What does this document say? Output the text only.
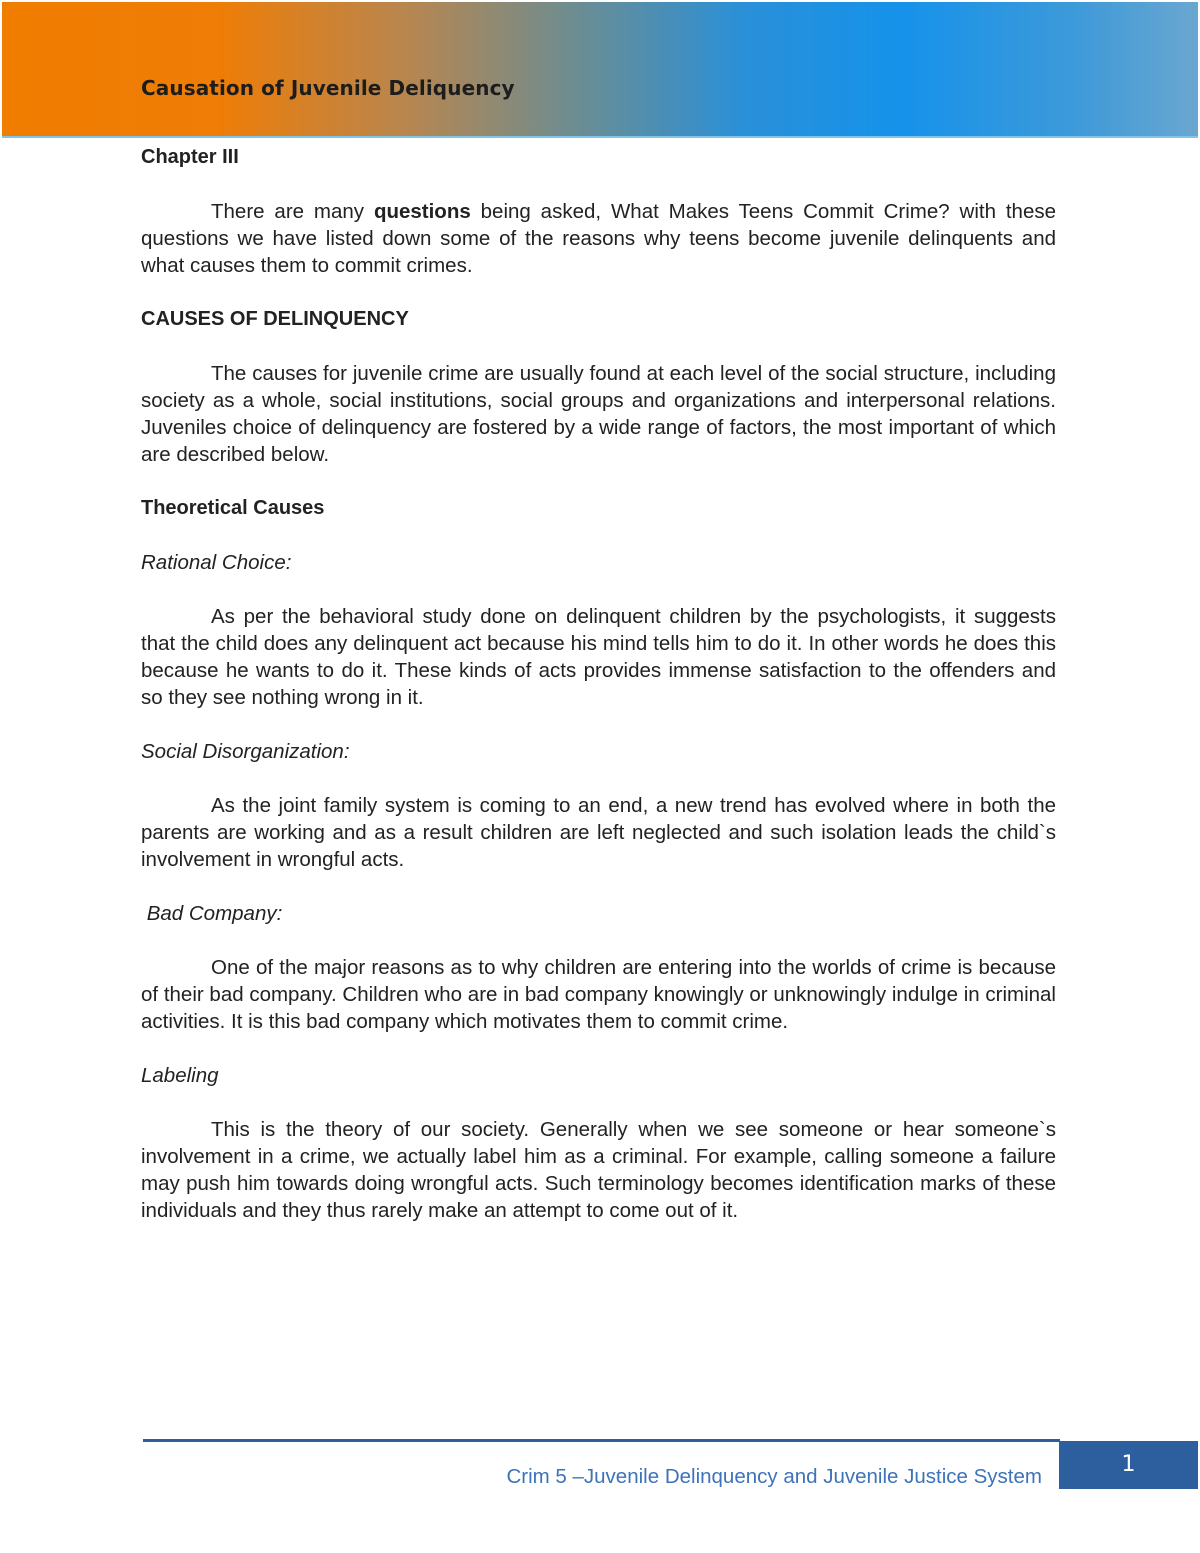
Causation of Juvenile Deliquency

Chapter III

There are many questions being asked, What Makes Teens Commit Crime? with these questions we have listed down some of the reasons why teens become juvenile delinquents and what causes them to commit crimes.

CAUSES OF DELINQUENCY

The causes for juvenile crime are usually found at each level of the social structure, including society as a whole, social institutions, social groups and organizations and interpersonal relations. Juveniles choice of delinquency are fostered by a wide range of factors, the most important of which are described below.

Theoretical Causes

Rational Choice:

As per the behavioral study done on delinquent children by the psychologists, it suggests that the child does any delinquent act because his mind tells him to do it. In other words he does this because he wants to do it. These kinds of acts provides immense satisfaction to the offenders and so they see nothing wrong in it.

Social Disorganization:

As the joint family system is coming to an end, a new trend has evolved where in both the parents are working and as a result children are left neglected and such isolation leads the child`s involvement in wrongful acts.

Bad Company:

One of the major reasons as to why children are entering into the worlds of crime is because of their bad company. Children who are in bad company knowingly or unknowingly indulge in criminal activities. It is this bad company which motivates them to commit crime.

Labeling

This is the theory of our society. Generally when we see someone or hear someone`s involvement in a crime, we actually label him as a criminal. For example, calling someone a failure may push him towards doing wrongful acts. Such terminology becomes identification marks of these individuals and they thus rarely make an attempt to come out of it.

Crim 5 –Juvenile Delinquency and Juvenile Justice System	1
